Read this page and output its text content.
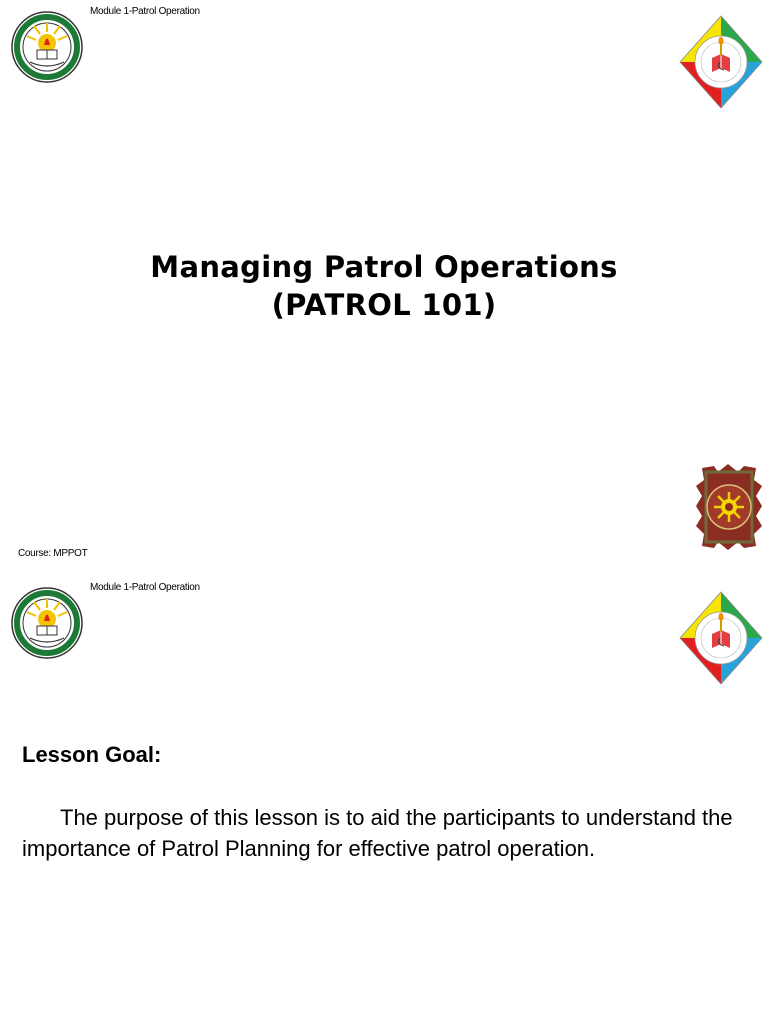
Module 1-Patrol Operation
Managing Patrol Operations
(PATROL 101)
Course: MPPOT
Module 1-Patrol Operation
Lesson Goal:
The purpose of this lesson is to aid the participants to understand the importance of Patrol Planning for effective patrol operation.
